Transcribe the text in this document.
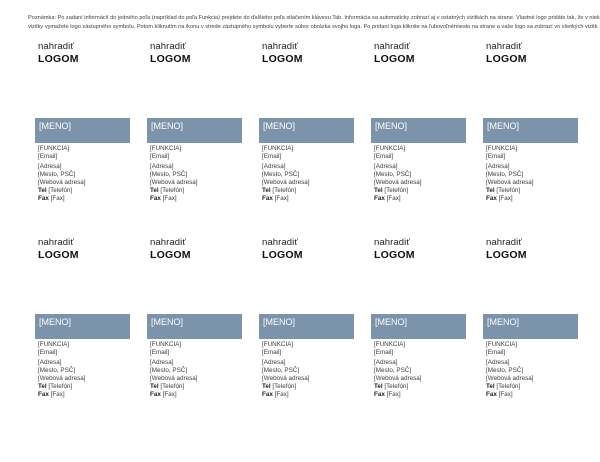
Poznámka: Po zadaní informácií do jedného poľa (napríklad do poľa Funkcia) prejdete do ďalšieho poľa stlačením klávesu Tab. Informácia sa automaticky zobrazí aj v ostatných vizitkách na strane. Vlastné logo pridáte tak, že v niek
vizitky vymažete logo zástupného symbolu. Potom kliknutím na ikonu v strede zástupného symbolu vyberte súbor obrázka svojho loga. Po pridaní loga kliknite na ľubovoľnémiesto na strane a vaše logo sa zobrazí vo všetkých vizitk
nahradiť
LOGOM
[MENO]
[FUNKCIA]
[Email]
[Adresa]
[Mesto, PSČ]
[Webová adresa]
Tel [Telefón]
Fax [Fax]
nahradiť
LOGOM
[MENO]
[FUNKCIA]
[Email]
[Adresa]
[Mesto, PSČ]
[Webová adresa]
Tel [Telefón]
Fax [Fax]
nahradiť
LOGOM
[MENO]
[FUNKCIA]
[Email]
[Adresa]
[Mesto, PSČ]
[Webová adresa]
Tel [Telefón]
Fax [Fax]
nahradiť
LOGOM
[MENO]
[FUNKCIA]
[Email]
[Adresa]
[Mesto, PSČ]
[Webová adresa]
Tel [Telefón]
Fax [Fax]
nahradiť
LOGOM
[MENO]
[FUNKCIA]
[Email]
[Adresa]
[Mesto, PSČ]
[Webová adresa]
Tel [Telefón]
Fax [Fax]
nahradiť
LOGOM
[MENO]
[FUNKCIA]
[Email]
[Adresa]
[Mesto, PSČ]
[Webová adresa]
Tel [Telefón]
Fax [Fax]
nahradiť
LOGOM
[MENO]
[FUNKCIA]
[Email]
[Adresa]
[Mesto, PSČ]
[Webová adresa]
Tel [Telefón]
Fax [Fax]
nahradiť
LOGOM
[MENO]
[FUNKCIA]
[Email]
[Adresa]
[Mesto, PSČ]
[Webová adresa]
Tel [Telefón]
Fax [Fax]
nahradiť
LOGOM
[MENO]
[FUNKCIA]
[Email]
[Adresa]
[Mesto, PSČ]
[Webová adresa]
Tel [Telefón]
Fax [Fax]
nahradiť
LOGOM
[MENO]
[FUNKCIA]
[Email]
[Adresa]
[Mesto, PSČ]
[Webová adresa]
Tel [Telefón]
Fax [Fax]
